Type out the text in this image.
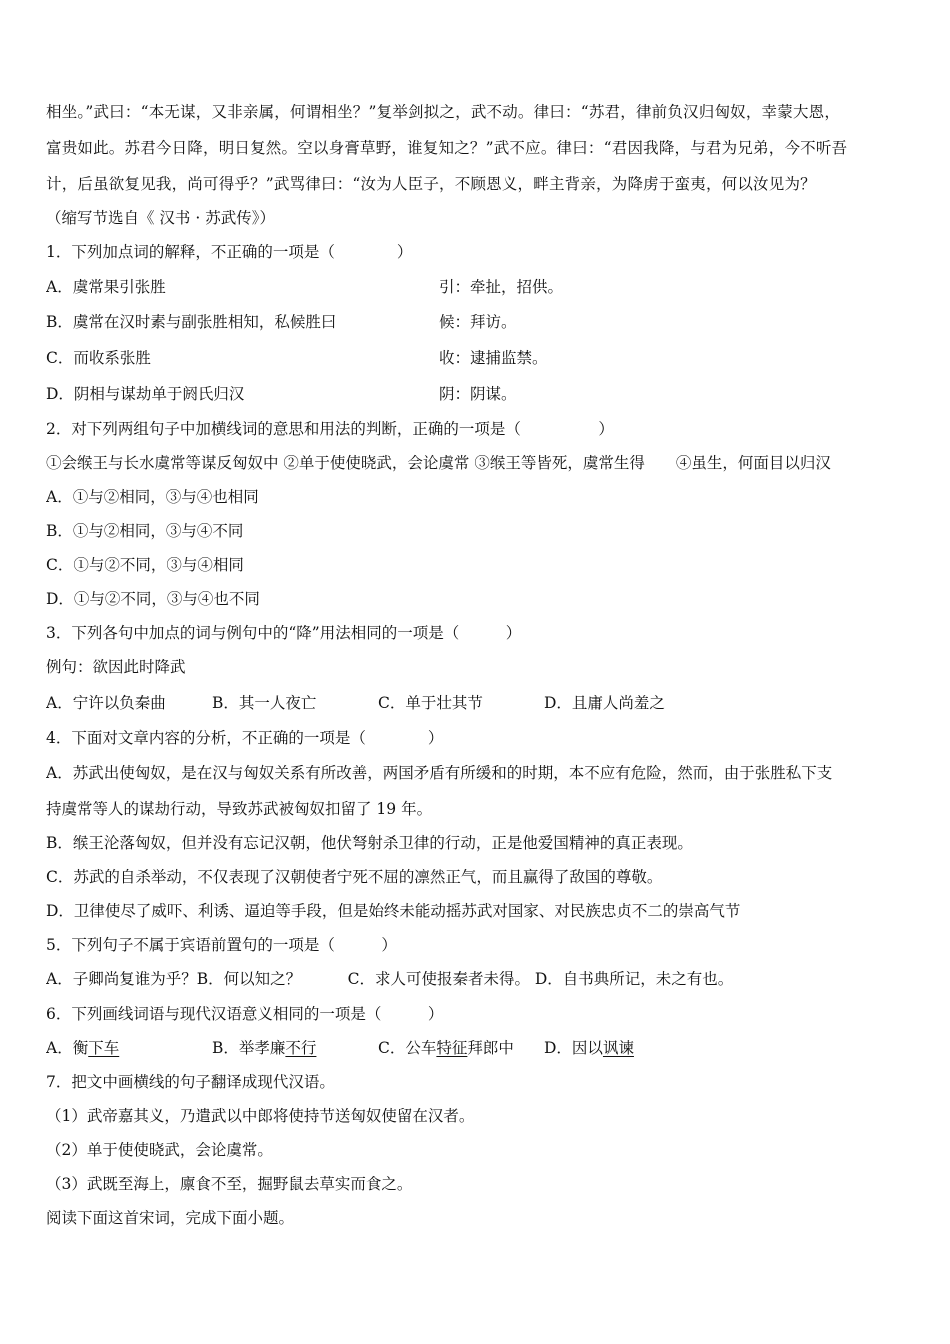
相坐。”武曰：“本无谋，又非亲属，何谓相坐？”复举剑拟之，武不动。律曰：“苏君，律前负汉归匈奴，幸蒙大恩，
富贵如此。苏君今日降，明日复然。空以身膏草野，谁复知之？”武不应。律曰：“君因我降，与君为兄弟，今不听吾
计，后虽欲复见我，尚可得乎？”武骂律曰：“汝为人臣子，不顾恩义，畔主背亲，为降虏于蛮夷，何以汝见为？
（缩写节选自《 汉书 · 苏武传》）
1．下列加点词的解释，不正确的一项是（　　　　）
A．虞常果引张胜	引：牵扯，招供。
B．虞常在汉时素与副张胜相知，私候胜曰	候：拜访。
C．而收系张胜	收：逮捕监禁。
D．阴相与谋劫单于阏氏归汉	阴：阴谋。
2．对下列两组句子中加横线词的意思和用法的判断，正确的一项是（　　　　　）
①会缑王与长水虞常等谋反匈奴中 ②单于使使晓武，会论虞常 ③缑王等皆死，虞常生得　　④虽生，何面目以归汉
A．①与②相同，③与④也相同
B．①与②相同，③与④不同
C．①与②不同，③与④相同
D．①与②不同，③与④也不同
3．下列各句中加点的词与例句中的“降”用法相同的一项是（　　　）
例句：欲因此时降武
A．宁许以负秦曲	B．其一人夜亡	C．单于壮其节	D．且庸人尚羞之
4．下面对文章内容的分析，不正确的一项是（　　　　）
A．苏武出使匈奴，是在汉与匈奴关系有所改善，两国矛盾有所缓和的时期，本不应有危险，然而，由于张胜私下支
持虞常等人的谋劫行动，导致苏武被匈奴扣留了 19 年。
B．缑王沦落匈奴，但并没有忘记汉朝，他伏弩射杀卫律的行动，正是他爱国精神的真正表现。
C．苏武的自杀举动，不仅表现了汉朝使者宁死不屈的凛然正气，而且赢得了敌国的尊敬。
D．卫律使尽了威吓、利诱、逼迫等手段，但是始终未能动摇苏武对国家、对民族忠贞不二的崇高气节
5．下列句子不属于宾语前置句的一项是（　　　）
A．子卿尚复谁为乎？B．何以知之？　　　C．求人可使报秦者未得。 D．自书典所记，未之有也。
6．下列画线词语与现代汉语意义相同的一项是（　　　）
A．衡下车	B．举孝廉不行	C．公车特征拜郎中 D．因以讽谏
7．把文中画横线的句子翻译成现代汉语。
（1）武帝嘉其义，乃遣武以中郎将使持节送匈奴使留在汉者。
（2）单于使使晓武，会论虞常。
（3）武既至海上，廪食不至，掘野鼠去草实而食之。
阅读下面这首宋词，完成下面小题。
